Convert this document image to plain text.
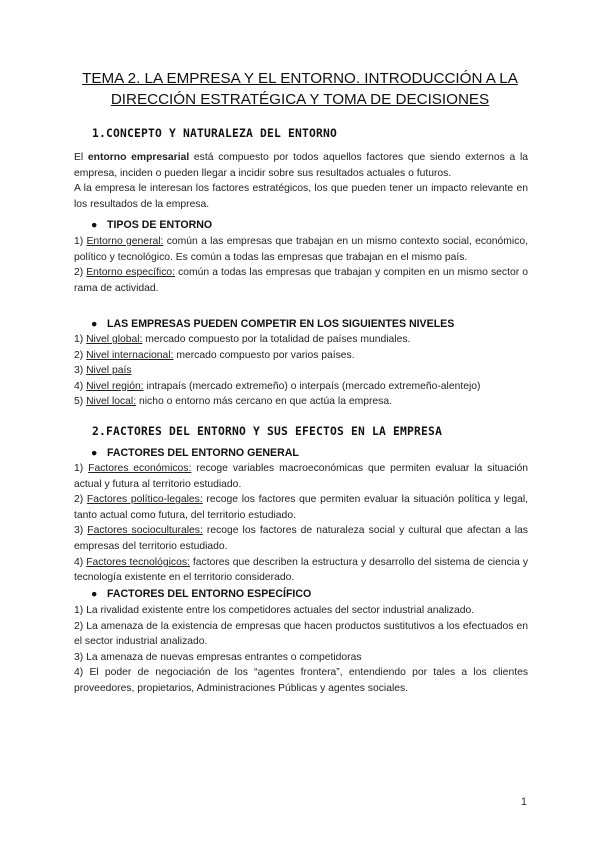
TEMA 2. LA EMPRESA Y EL ENTORNO. INTRODUCCIÓN A LA
DIRECCIÓN ESTRATÉGICA Y TOMA DE DECISIONES
1.CONCEPTO Y NATURALEZA DEL ENTORNO

El entorno empresarial está compuesto por todos aquellos factores que siendo externos a la empresa, inciden o pueden llegar a incidir sobre sus resultados actuales o futuros.

A la empresa le interesan los factores estratégicos, los que pueden tener un impacto relevante en los resultados de la empresa.

● TIPOS DE ENTORNO

1) Entorno general: común a las empresas que trabajan en un mismo contexto social, económico, político y tecnológico. Es común a todas las empresas que trabajan en el mismo país.

2) Entorno específico: común a todas las empresas que trabajan y compiten en un mismo sector o rama de actividad.

● LAS EMPRESAS PUEDEN COMPETIR EN LOS SIGUIENTES NIVELES

1) Nivel global: mercado compuesto por la totalidad de países mundiales.

2) Nivel internacional: mercado compuesto por varios países.

3) Nivel país

4) Nivel región: intrapaís (mercado extremeño) o interpaís (mercado extremeño-alentejo)

5) Nivel local: nicho o entorno más cercano en que actúa la empresa.

2.FACTORES DEL ENTORNO Y SUS EFECTOS EN LA EMPRESA
● FACTORES DEL ENTORNO GENERAL

1) Factores económicos: recoge variables macroeconómicas que permiten evaluar la situación actual y futura al territorio estudiado.

2) Factores político-legales: recoge los factores que permiten evaluar la situación política y legal, tanto actual como futura, del territorio estudiado.

3) Factores socioculturales: recoge los factores de naturaleza social y cultural que afectan a las empresas del territorio estudiado.

4) Factores tecnológicos: factores que describen la estructura y desarrollo del sistema de ciencia y tecnología existente en el territorio considerado.

● FACTORES DEL ENTORNO ESPECÍFICO

1) La rivalidad existente entre los competidores actuales del sector industrial analizado.

2) La amenaza de la existencia de empresas que hacen productos sustitutivos a los efectuados en el sector industrial analizado.

3) La amenaza de nuevas empresas entrantes o competidoras

4) El poder de negociación de los “agentes frontera”, entendiendo por tales a los clientes proveedores, propietarios, Administraciones Públicas y agentes sociales.

1
